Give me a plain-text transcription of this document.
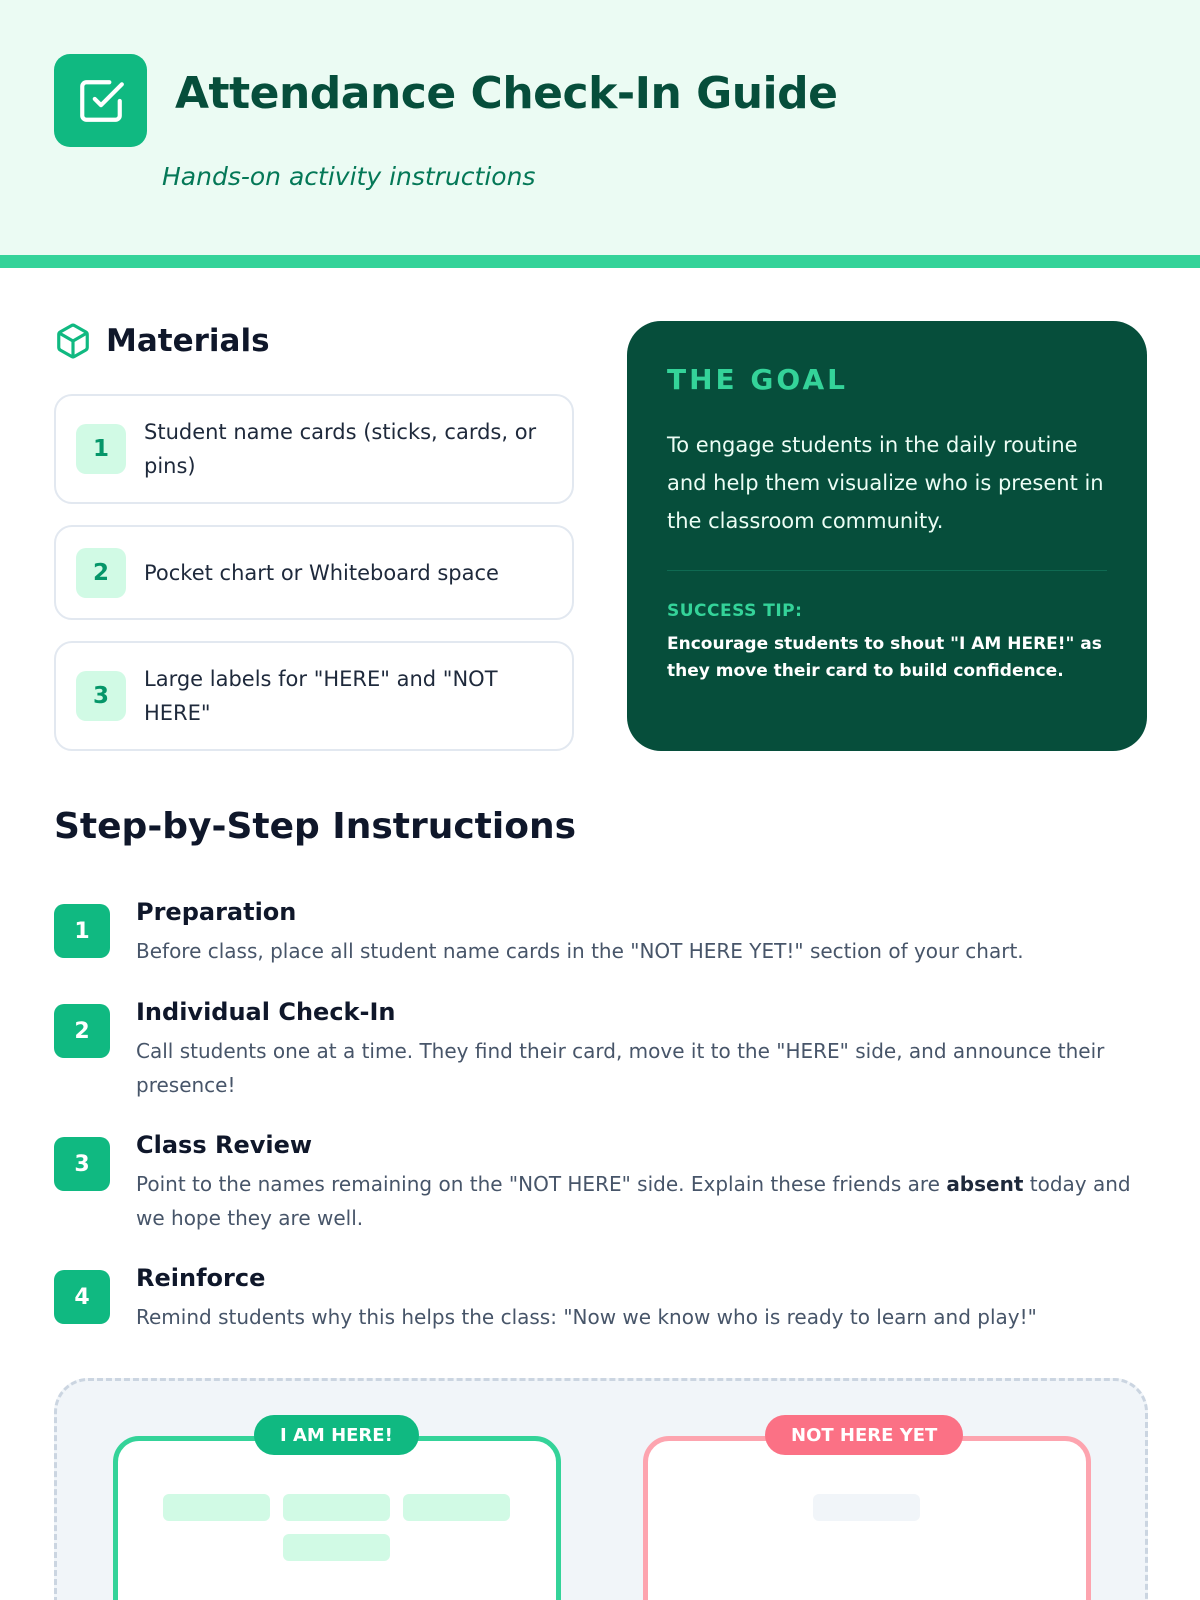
Attendance Check-In Guide
Hands-on activity instructions
Materials
1
Student name cards (sticks, cards, or pins)
2	Pocket chart or Whiteboard space
3
Large labels for "HERE" and "NOT HERE"
THE GOAL
To engage students in the daily routine and help them visualize who is present in the classroom community.
SUCCESS TIP:
Encourage students to shout "I AM HERE!" as they move their card to build confidence.
Step-by-Step Instructions
1
Preparation
Before class, place all student name cards in the "NOT HERE YET!" section of your chart.
2
Individual Check-In
Call students one at a time. They find their card, move it to the "HERE" side, and announce their presence!
3
Class Review
Point to the names remaining on the "NOT HERE" side. Explain these friends are absent today and we hope they are well.
4
Reinforce
Remind students why this helps the class: "Now we know who is ready to learn and play!"
I AM HERE!	NOT HERE YET
